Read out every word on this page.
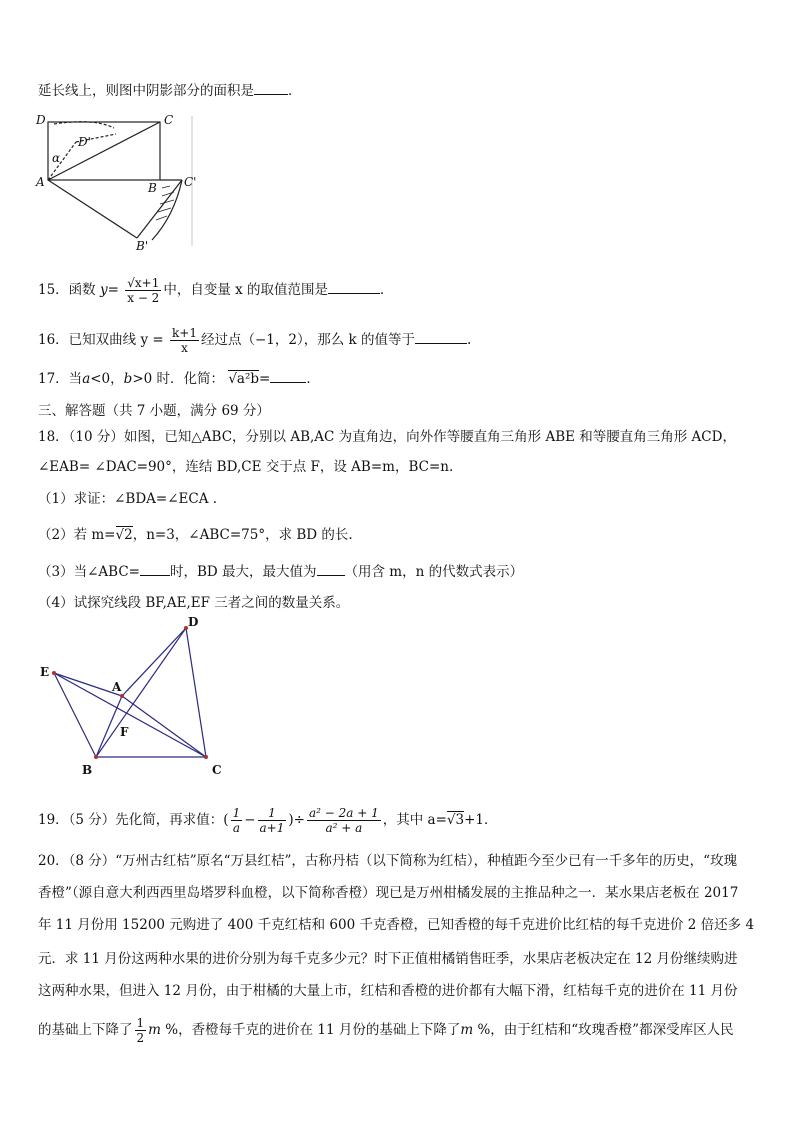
延长线上，则图中阴影部分的面积是	．
D	C
D'
α
A	B C'
B'
15．函数 $y= \frac{√x+1}{x - 2}$ 中，自变量 x 的取值范围是	．
16．已知双曲线 $y = \frac{k+1}{x}$ 经过点（−1，2），那么 k 的值等于	.
17．当a<0，b>0 时．化简： √a²b=	．
三、解答题（共 7 小题，满分 69 分）
18．（10 分）如图，已知△ABC，分别以 AB,AC 为直角边，向外作等腰直角三角形 ABE 和等腰直角三角形 ACD，
∠EAB= ∠DAC=90°，连结 BD,CE 交于点 F，设 AB=m，BC=n.
（1）求证：∠BDA=∠ECA .
（2）若 m=√2，n=3，∠ABC=75°，求 BD 的长.
（3）当∠ABC= 时，BD 最大，最大值为 （用含 m，n 的代数式表示）
（4）试探究线段 BF,AE,EF 三者之间的数量关系。
D
E
A
F
B	C
19．（5 分）先化简，再求值：( $\frac{1}{a} - \frac{1}{a+1}$ )÷ $\frac{\text{a² − 2a + 1}}{\text{a² + a}}$ ，其中 a=√3+1．
20．（8 分）“万州古红桔”原名“万县红桔”，古称丹桔（以下简称为红桔），种植距今至少已有一千多年的历史，“玫瑰
香橙”（源自意大利西西里岛塔罗科血橙，以下简称香橙）现已是万州柑橘发展的主推品种之一．某水果店老板在 2017
年 11 月份用 15200 元购进了 400 千克红桔和 600 千克香橙，已知香橙的每千克进价比红桔的每千克进价 2 倍还多 4
元．求 11 月份这两种水果的进价分别为每千克多少元？时下正值柑橘销售旺季，水果店老板决定在 12 月份继续购进
这两种水果，但进入 12 月份，由于柑橘的大量上市，红桔和香橙的进价都有大幅下滑，红桔每千克的进价在 11 月份
的基础上下降了 $\frac{1}{2}$ m %，香橙每千克的进价在 11 月份的基础上下降了m %，由于红桔和“玫瑰香橙”都深受库区人民
